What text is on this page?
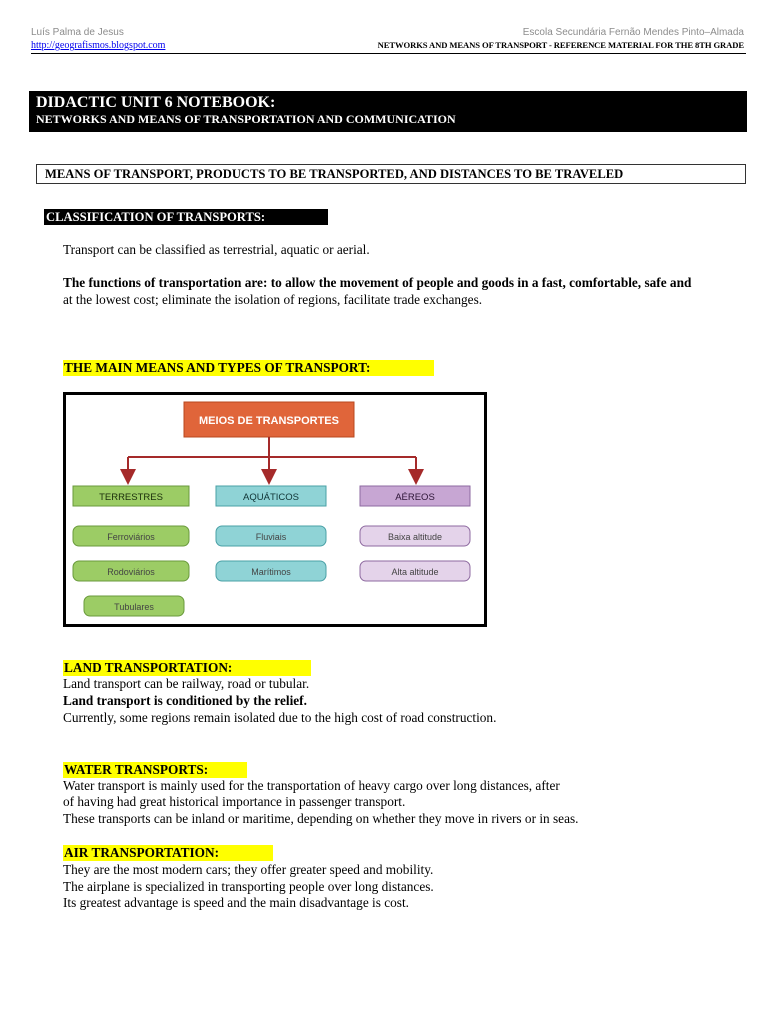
Luís Palma de Jesus
http://geografismos.blogspot.com
Escola Secundária Fernão Mendes Pinto–Almada
NETWORKS AND MEANS OF TRANSPORT - REFERENCE MATERIAL FOR THE 8TH GRADE
DIDACTIC UNIT 6 NOTEBOOK:
NETWORKS AND MEANS OF TRANSPORTATION AND COMMUNICATION
MEANS OF TRANSPORT, PRODUCTS TO BE TRANSPORTED, AND DISTANCES TO BE TRAVELED
CLASSIFICATION OF TRANSPORTS:
Transport can be classified as terrestrial, aquatic or aerial.
The functions of transportation are: to allow the movement of people and goods in a fast, comfortable, safe and
at the lowest cost; eliminate the isolation of regions, facilitate trade exchanges.
THE MAIN MEANS AND TYPES OF TRANSPORT:
MEIOS DE TRANSPORTES
TERRESTRES	AQUÁTICOS	AÉREOS
Ferroviários
Rodoviários
Tubulares
Fluviais
Marítimos
Baixa altitude
Alta altitude
LAND TRANSPORTATION:
Land transport can be railway, road or tubular.
Land transport is conditioned by the relief.
Currently, some regions remain isolated due to the high cost of road construction.
WATER TRANSPORTS:
Water transport is mainly used for the transportation of heavy cargo over long distances, after
of having had great historical importance in passenger transport.
These transports can be inland or maritime, depending on whether they move in rivers or in seas.
AIR TRANSPORTATION:
They are the most modern cars; they offer greater speed and mobility.
The airplane is specialized in transporting people over long distances.
Its greatest advantage is speed and the main disadvantage is cost.
